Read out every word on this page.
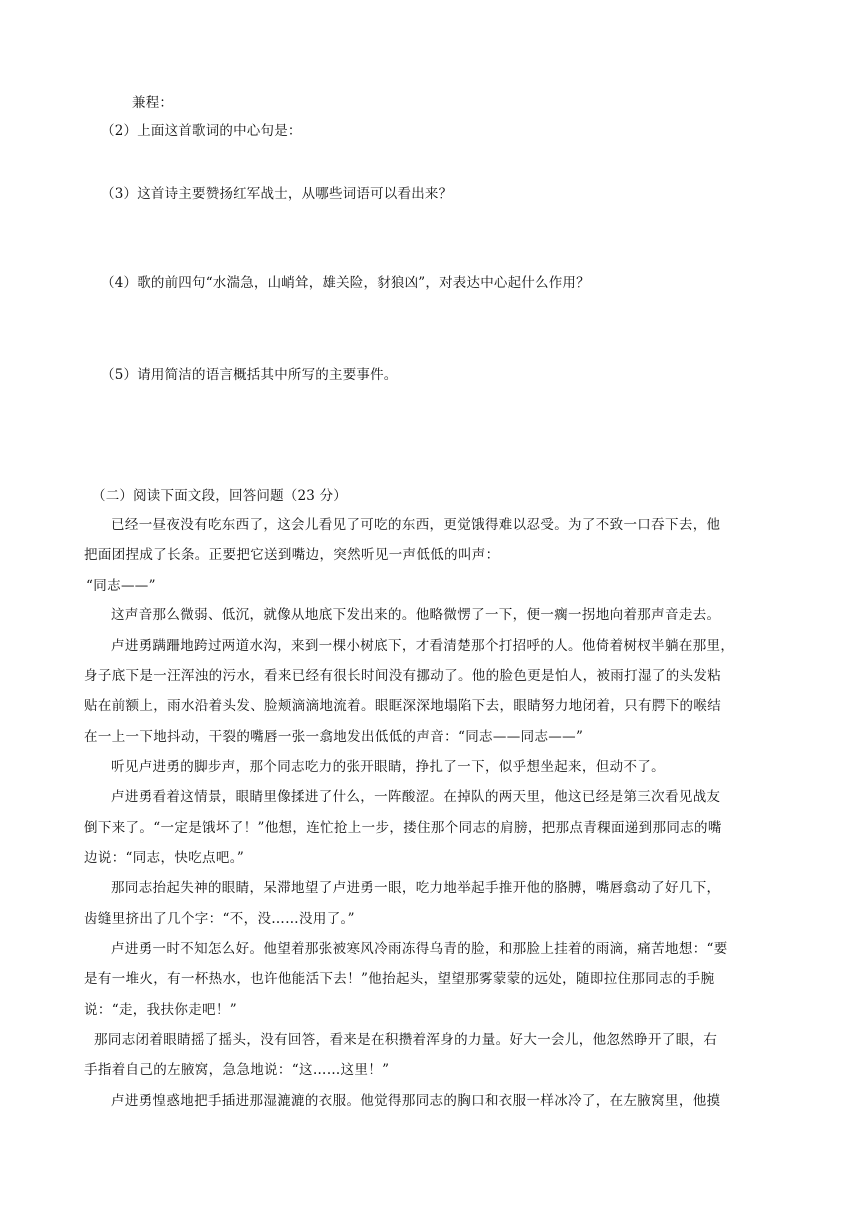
兼程：
（2）上面这首歌词的中心句是：
（3）这首诗主要赞扬红军战士，从哪些词语可以看出来？
（4）歌的前四句“水湍急，山峭耸，雄关险，豺狼凶”，对表达中心起什么作用？
（5）请用简洁的语言概括其中所写的主要事件。
（二）阅读下面文段，回答问题（23 分）
已经一昼夜没有吃东西了，这会儿看见了可吃的东西，更觉饿得难以忍受。为了不致一口吞下去，他
把面团捏成了长条。正要把它送到嘴边，突然听见一声低低的叫声：
“同志——”
这声音那么微弱、低沉，就像从地底下发出来的。他略微愣了一下，便一瘸一拐地向着那声音走去。
卢进勇蹒跚地跨过两道水沟，来到一棵小树底下，才看清楚那个打招呼的人。他倚着树杈半躺在那里，
身子底下是一汪浑浊的污水，看来已经有很长时间没有挪动了。他的脸色更是怕人，被雨打湿了的头发粘
贴在前额上，雨水沿着头发、脸颊滴滴地流着。眼眶深深地塌陷下去，眼睛努力地闭着，只有腭下的喉结
在一上一下地抖动，干裂的嘴唇一张一翕地发出低低的声音：“同志——同志——”
听见卢进勇的脚步声，那个同志吃力的张开眼睛，挣扎了一下，似乎想坐起来，但动不了。
卢进勇看着这情景，眼睛里像揉进了什么，一阵酸涩。在掉队的两天里，他这已经是第三次看见战友
倒下来了。“一定是饿坏了！”他想，连忙抢上一步，搂住那个同志的肩膀，把那点青稞面递到那同志的嘴
边说：“同志，快吃点吧。”
那同志抬起失神的眼睛，呆滞地望了卢进勇一眼，吃力地举起手推开他的胳膊，嘴唇翕动了好几下，
齿缝里挤出了几个字：“不，没……没用了。”
卢进勇一时不知怎么好。他望着那张被寒风冷雨冻得乌青的脸，和那脸上挂着的雨滴，痛苦地想：“要
是有一堆火，有一杯热水，也许他能活下去！”他抬起头，望望那雾蒙蒙的远处，随即拉住那同志的手腕
说：“走，我扶你走吧！”
那同志闭着眼睛摇了摇头，没有回答，看来是在积攒着浑身的力量。好大一会儿，他忽然睁开了眼，右
手指着自己的左腋窝，急急地说：“这……这里！”
卢进勇惶惑地把手插进那湿漉漉的衣服。他觉得那同志的胸口和衣服一样冰冷了，在左腋窝里，他摸
